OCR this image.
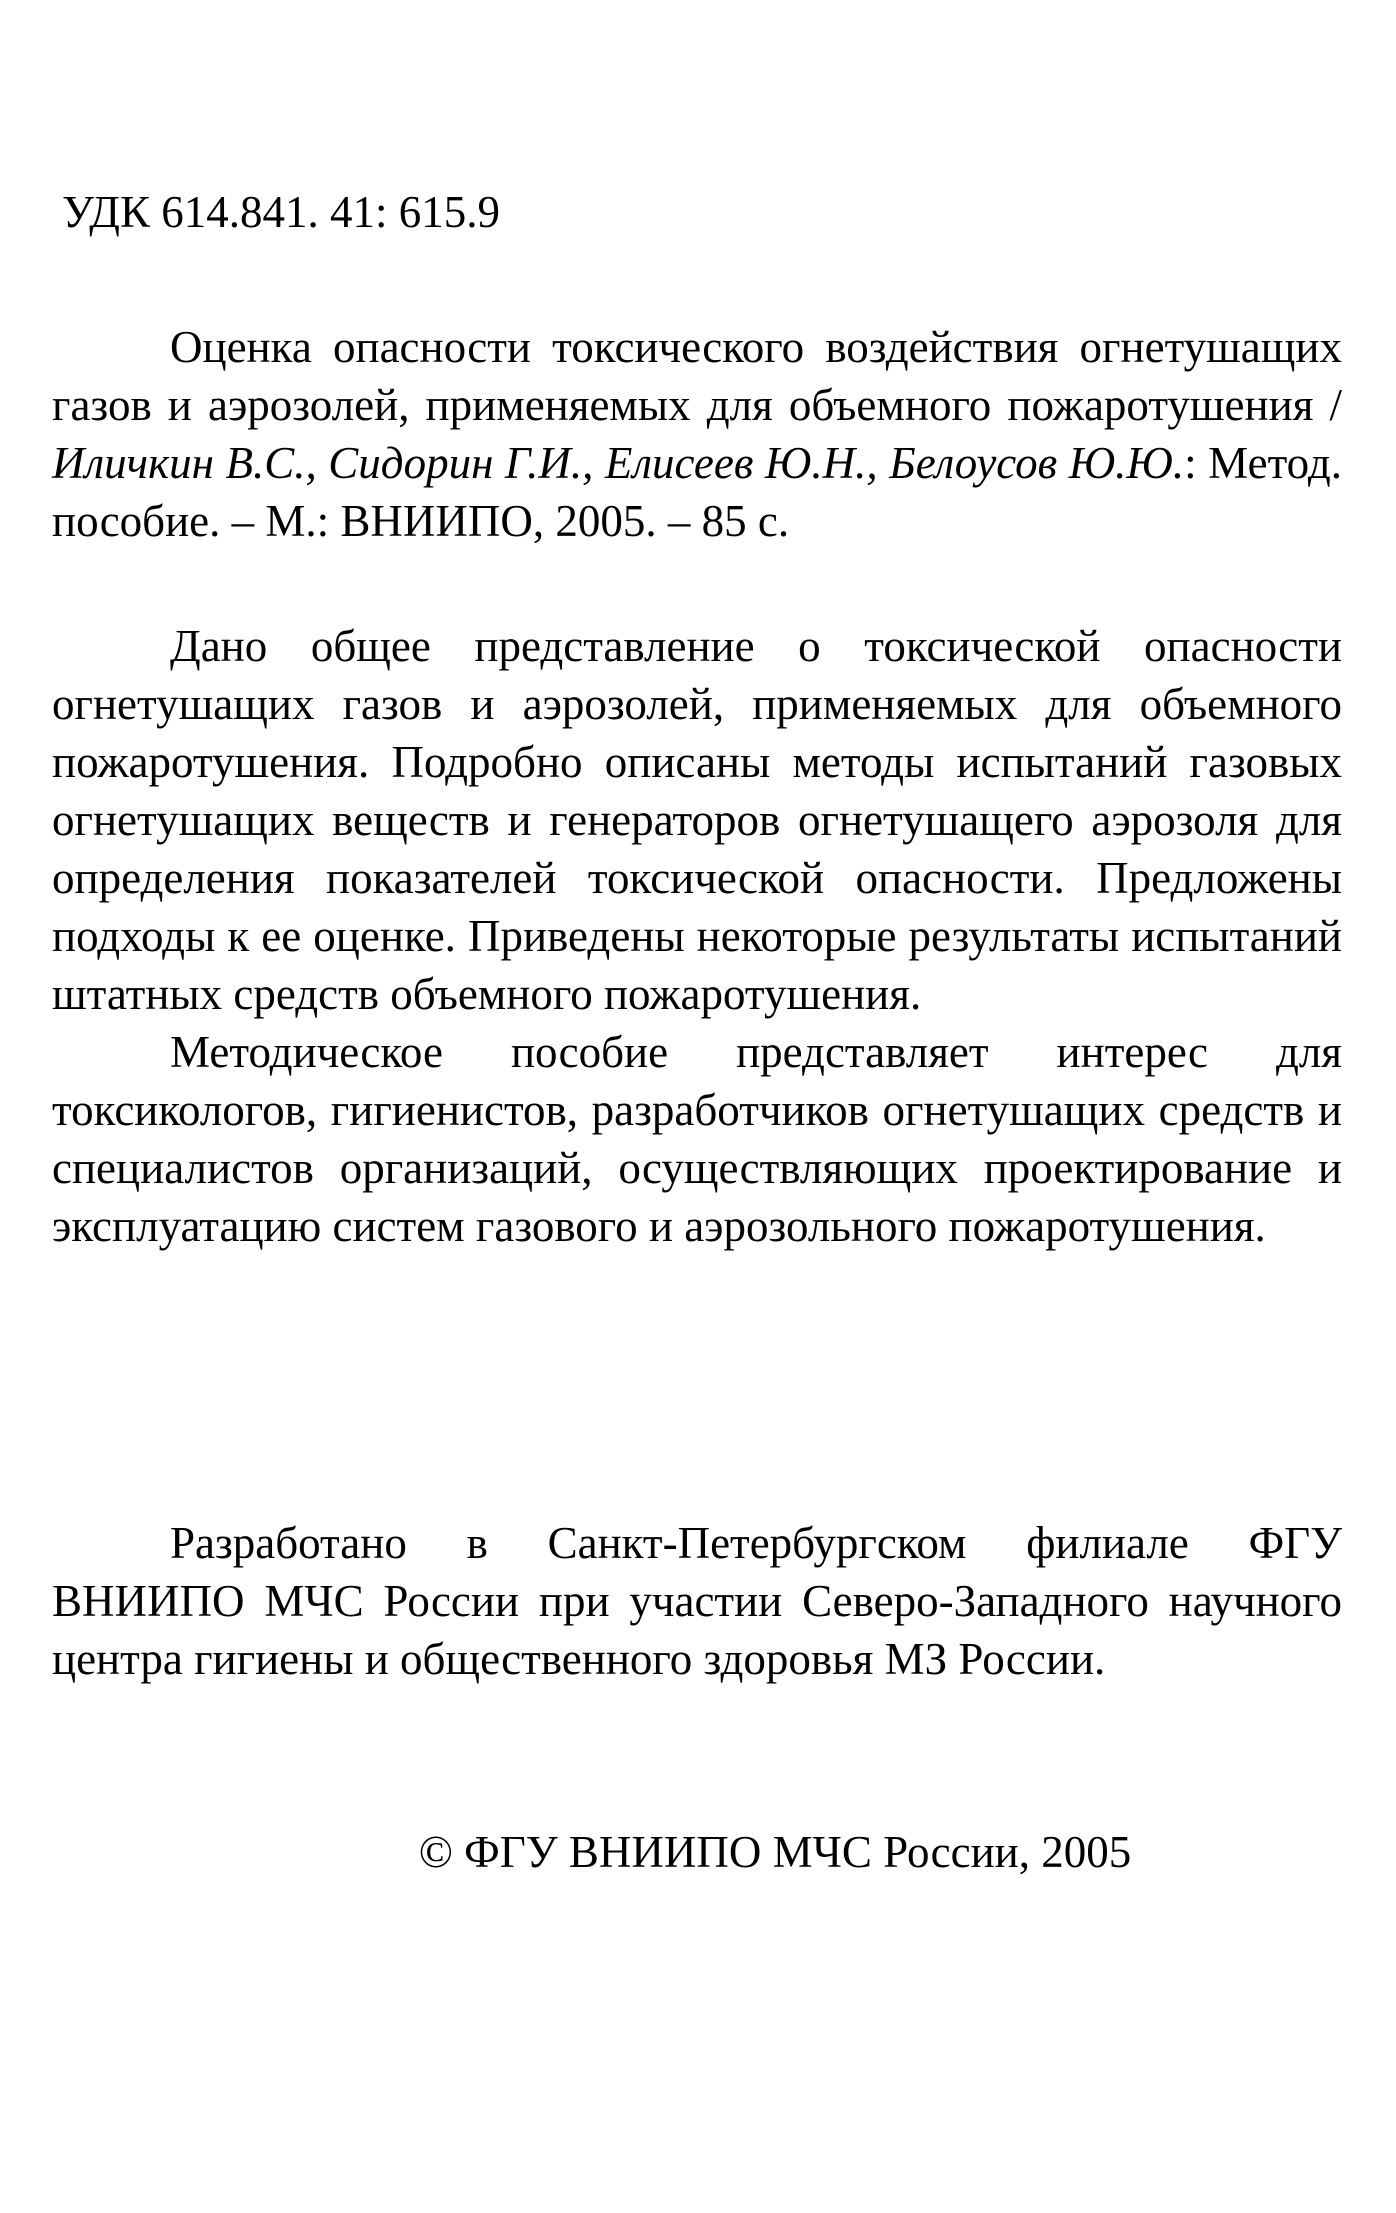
УДК 614.841. 41: 615.9

Оценка опасности токсического воздействия огнетушащих газов и аэрозолей, применяемых для объемного пожаротушения / Иличкин В.С., Сидорин Г.И., Елисеев Ю.Н., Белоусов Ю.Ю.: Метод. пособие. – М.: ВНИИПО, 2005. – 85 с.

Дано общее представление о токсической опасности огнетушащих газов и аэрозолей, применяемых для объемного пожаротушения. Подробно описаны методы испытаний газовых огнетушащих веществ и генераторов огнетушащего аэрозоля для определения показателей токсической опасности. Предложены подходы к ее оценке. Приведены некоторые результаты испытаний штатных средств объемного пожаротушения.

Методическое пособие представляет интерес для токсикологов, гигиенистов, разработчиков огнетушащих средств и специалистов организаций, осуществляющих проектирование и эксплуатацию систем газового и аэрозольного пожаротушения.

Разработано в Санкт-Петербургском филиале ФГУ ВНИИПО МЧС России при участии Северо-Западного научного центра гигиены и общественного здоровья МЗ России.

© ФГУ ВНИИПО МЧС России, 2005
